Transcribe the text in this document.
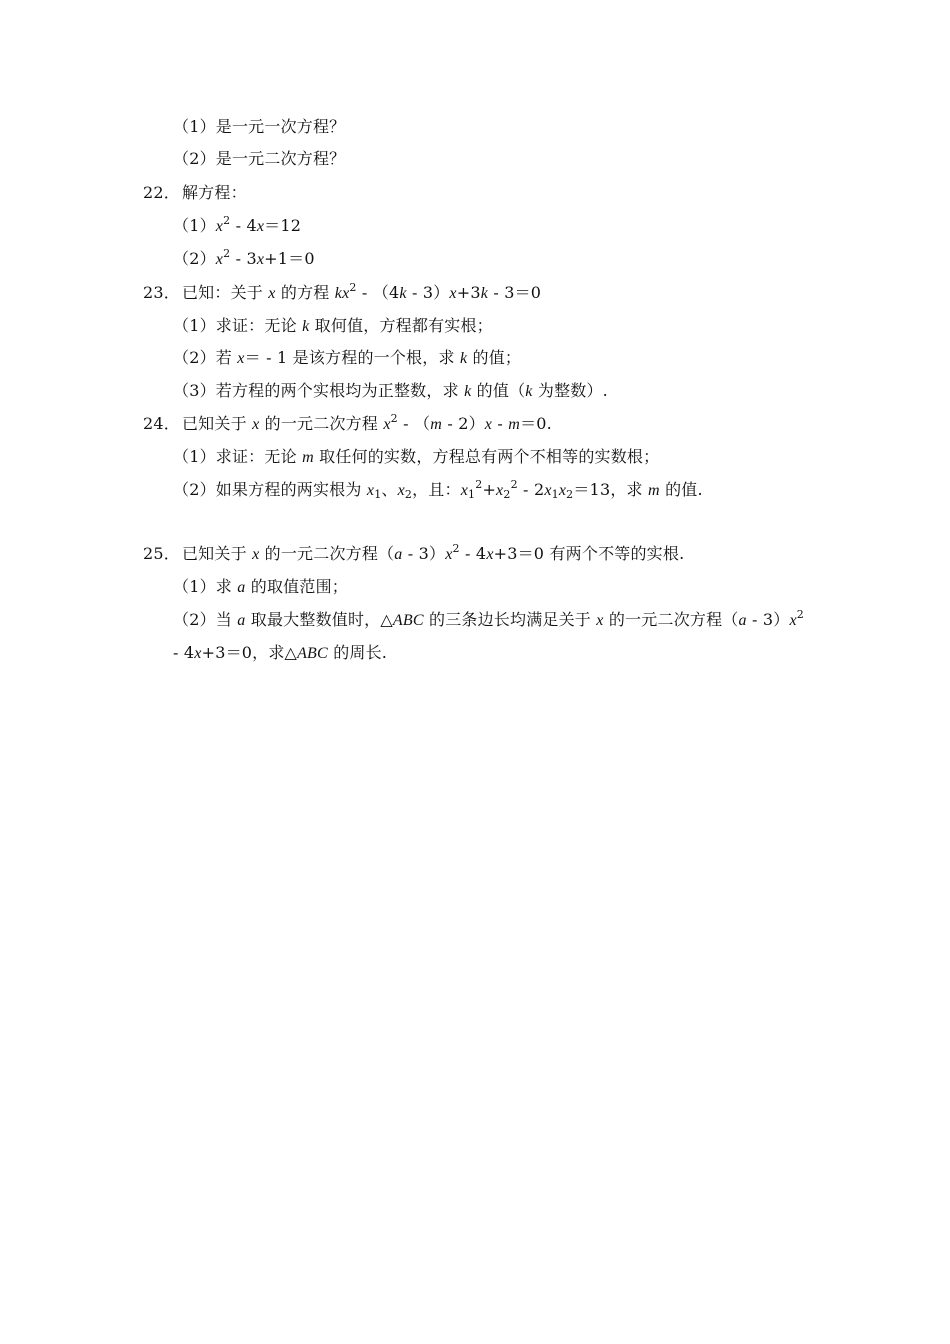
（1）是一元一次方程？
（2）是一元二次方程？
22． 解方程：
$(1)x^2 - 4x=12$
$(2)x^2 - 3x+1=0$
23． 已知：关于 x 的方程 $kx^2 - (4k - 3)x+3k - 3=0$
（1）求证：无论 k 取何值，方程都有实根；
（2）若 x＝ - 1 是该方程的一个根，求 k 的值；
（3）若方程的两个实根均为正整数，求 k 的值（k 为整数）.
24． 已知关于 x 的一元二次方程 $x^2 - (m - 2)x - m=0$.
（1）求证：无论 m 取任何的实数，方程总有两个不相等的实数根；
（2）如果方程的两实根为 $x_1$、$x_2$，且：$x_1^2+x_2^2 - 2x_1x_2=13$，求 m 的值.
25． 已知关于 x 的一元二次方程$(a - 3)x^2 - 4x+3=0$ 有两个不等的实根.
（1）求 a 的取值范围；
（2）当 a 取最大整数值时，△ABC 的三条边长均满足关于 x 的一元二次方程$(a - 3)x^2$
- 4x+3＝0，求△ABC 的周长.
